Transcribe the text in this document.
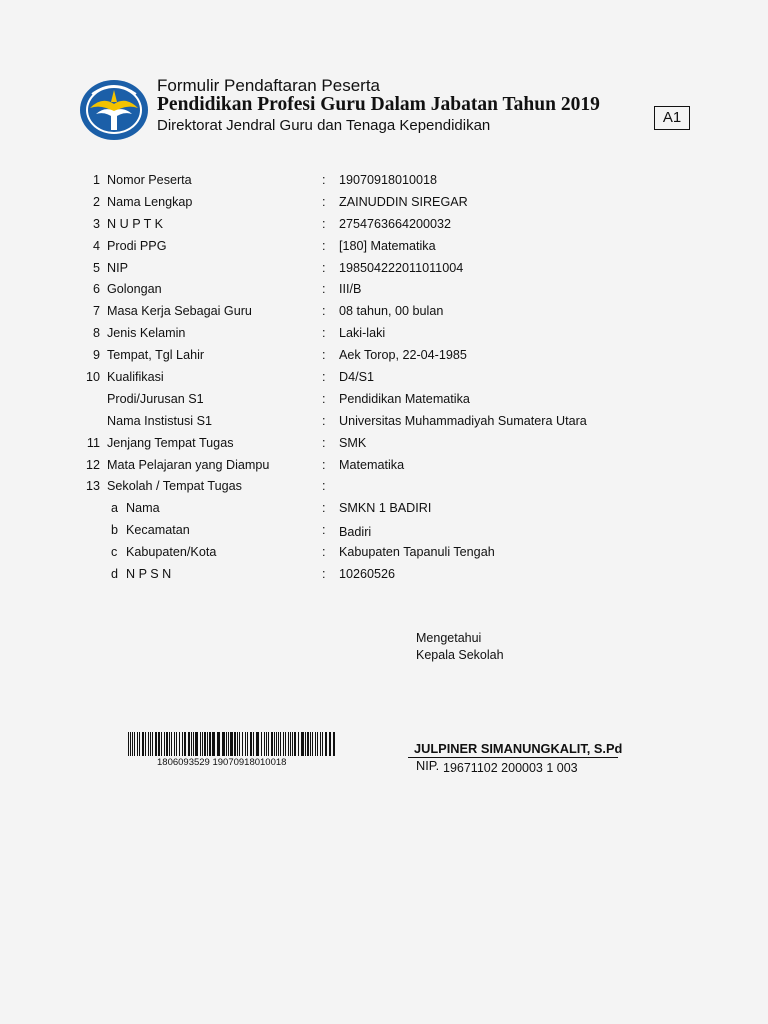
Formulir Pendaftaran Peserta
Pendidikan Profesi Guru Dalam Jabatan Tahun 2019
Direktorat Jendral Guru dan Tenaga Kependidikan	A1
1 Nomor Peserta	: 19070918010018
2 Nama Lengkap	: ZAINUDDIN SIREGAR
3 N U P T K	: 2754763664200032
4 Prodi PPG	: [180] Matematika
5 NIP	: 198504222011011004
6 Golongan	: III/B
7 Masa Kerja Sebagai Guru	: 08 tahun, 00 bulan
8 Jenis Kelamin	: Laki-laki
9 Tempat, Tgl Lahir	: Aek Torop, 22-04-1985
10 Kualifikasi	: D4/S1
Prodi/Jurusan S1	: Pendidikan Matematika
Nama Instistusi S1	: Universitas Muhammadiyah Sumatera Utara
11 Jenjang Tempat Tugas	: SMK
12 Mata Pelajaran yang Diampu	: Matematika
13 Sekolah / Tempat Tugas	:
a Nama	: SMKN 1 BADIRI
b Kecamatan	: Badiri
c Kabupaten/Kota	: Kabupaten Tapanuli Tengah
d N P S N	: 10260526
Mengetahui
Kepala Sekolah
JULPINER SIMANUNGKALIT, S.Pd
NIP. 19671102 200003 1 003
1806093529 19070918010018
